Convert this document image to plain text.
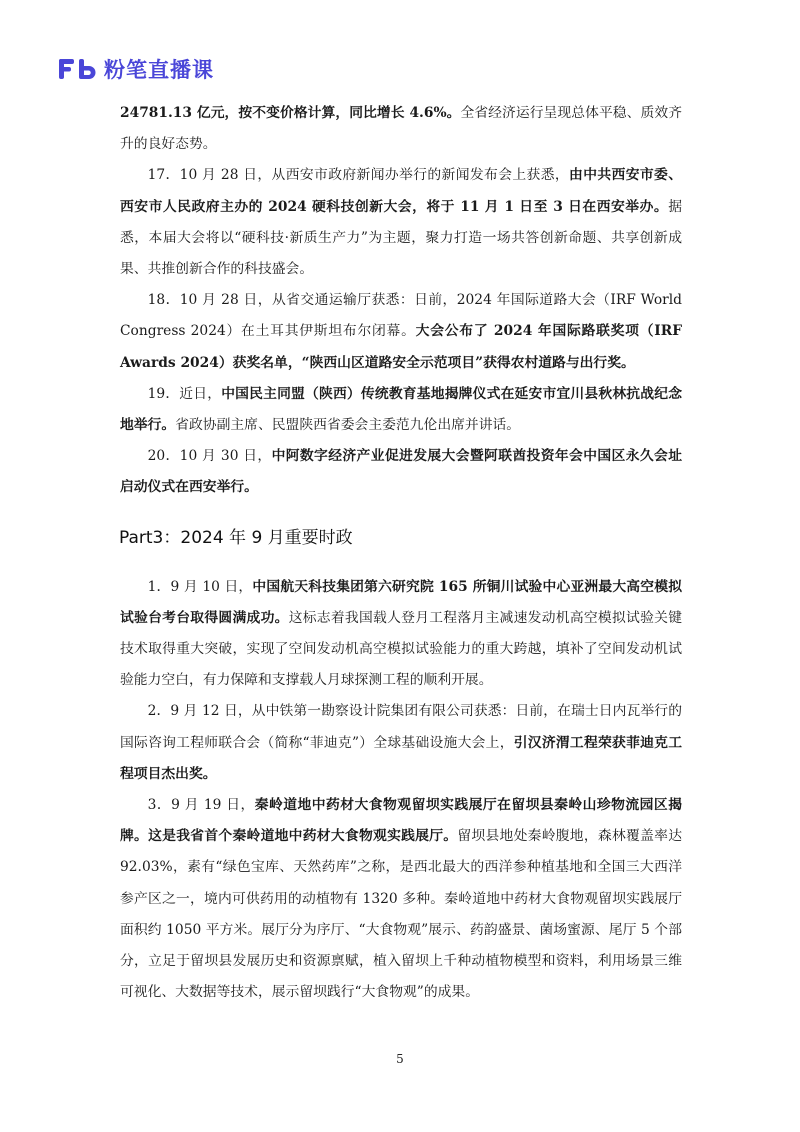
粉笔直播课

24781.13 亿元，按不变价格计算，同比增长 4.6%。全省经济运行呈现总体平稳、质效齐升的良好态势。

17．10 月 28 日，从西安市政府新闻办举行的新闻发布会上获悉，由中共西安市委、西安市人民政府主办的 2024 硬科技创新大会，将于 11 月 1 日至 3 日在西安举办。据悉，本届大会将以“硬科技·新质生产力”为主题，聚力打造一场共答创新命题、共享创新成果、共推创新合作的科技盛会。

18．10 月 28 日，从省交通运输厅获悉：日前，2024 年国际道路大会（IRF World Congress 2024）在土耳其伊斯坦布尔闭幕。大会公布了 2024 年国际路联奖项（IRF Awards 2024）获奖名单，“陕西山区道路安全示范项目”获得农村道路与出行奖。

19．近日，中国民主同盟（陕西）传统教育基地揭牌仪式在延安市宜川县秋林抗战纪念地举行。省政协副主席、民盟陕西省委会主委范九伦出席并讲话。

20．10 月 30 日，中阿数字经济产业促进发展大会暨阿联酋投资年会中国区永久会址启动仪式在西安举行。

Part3：2024 年 9 月重要时政

1．9 月 10 日，中国航天科技集团第六研究院 165 所铜川试验中心亚洲最大高空模拟试验台考台取得圆满成功。这标志着我国载人登月工程落月主减速发动机高空模拟试验关键技术取得重大突破，实现了空间发动机高空模拟试验能力的重大跨越，填补了空间发动机试验能力空白，有力保障和支撑载人月球探测工程的顺利开展。

2．9 月 12 日，从中铁第一勘察设计院集团有限公司获悉：日前，在瑞士日内瓦举行的国际咨询工程师联合会（简称“菲迪克”）全球基础设施大会上，引汉济渭工程荣获菲迪克工程项目杰出奖。

3．9 月 19 日，秦岭道地中药材大食物观留坝实践展厅在留坝县秦岭山珍物流园区揭牌。这是我省首个秦岭道地中药材大食物观实践展厅。留坝县地处秦岭腹地，森林覆盖率达 92.03%，素有“绿色宝库、天然药库”之称，是西北最大的西洋参种植基地和全国三大西洋参产区之一，境内可供药用的动植物有 1320 多种。秦岭道地中药材大食物观留坝实践展厅面积约 1050 平方米。展厅分为序厅、“大食物观”展示、药韵盛景、菌场蜜源、尾厅 5 个部分，立足于留坝县发展历史和资源禀赋，植入留坝上千种动植物模型和资料，利用场景三维可视化、大数据等技术，展示留坝践行“大食物观”的成果。

5
